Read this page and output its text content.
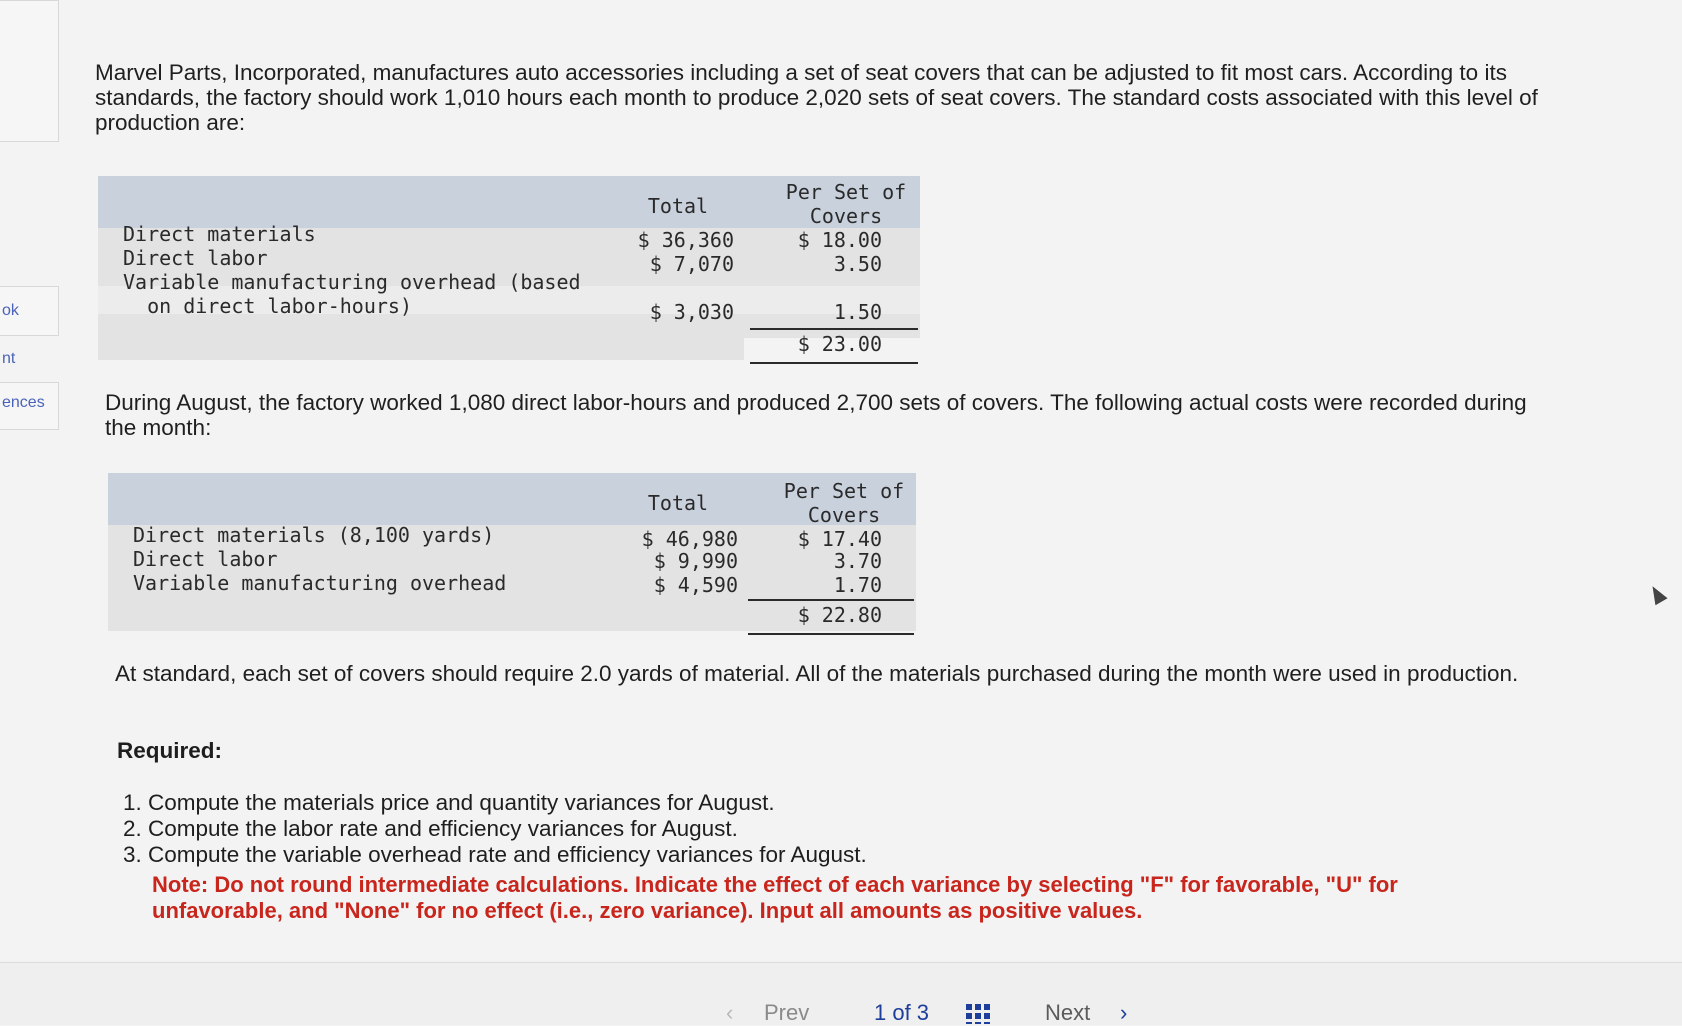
ok
nt
ences
Marvel Parts, Incorporated, manufactures auto accessories including a set of seat covers that can be adjusted to fit most cars. According to its standards, the factory should work 1,010 hours each month to produce 2,020 sets of seat covers. The standard costs associated with this level of production are:
Total
Per Set of
Covers
Direct materials	$ 36,360	$ 18.00
Direct labor	$ 7,070	3.50
Variable manufacturing overhead (based
on direct labor-hours)	$ 3,030	1.50
$ 23.00
During August, the factory worked 1,080 direct labor-hours and produced 2,700 sets of covers. The following actual costs were recorded during the month:
Total	Per Set of
Covers
Direct materials (8,100 yards)	$ 46,980	$ 17.40
Direct labor	$ 9,990	3.70
Variable manufacturing overhead	$ 4,590	1.70
$ 22.80
At standard, each set of covers should require 2.0 yards of material. All of the materials purchased during the month were used in production.
Required:
1. Compute the materials price and quantity variances for August.
2. Compute the labor rate and efficiency variances for August.
3. Compute the variable overhead rate and efficiency variances for August.
Note: Do not round intermediate calculations. Indicate the effect of each variance by selecting "F" for favorable, "U" for unfavorable, and "None" for no effect (i.e., zero variance). Input all amounts as positive values.
‹ Prev	1 of 3	Next ›
